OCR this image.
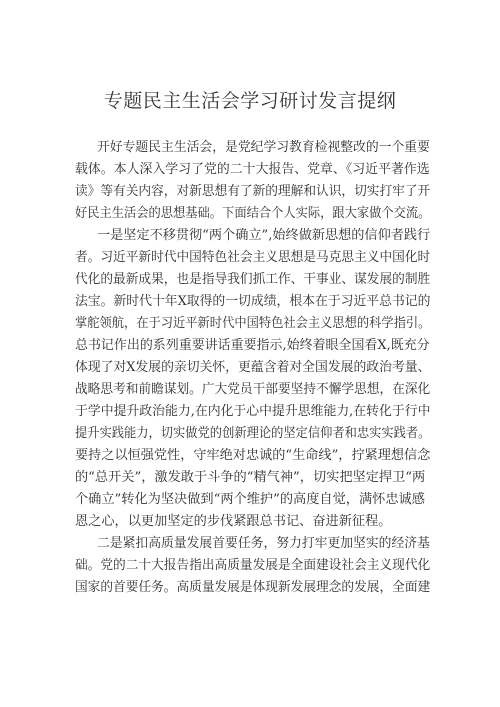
专题民主生活会学习研讨发言提纲
开好专题民主生活会，是党纪学习教育检视整改的一个重要
载体。本人深入学习了党的二十大报告、党章、《习近平著作选
读》等有关内容，对新思想有了新的理解和认识，切实打牢了开
好民主生活会的思想基础。下面结合个人实际，跟大家做个交流。
一是坚定不移贯彻“两个确立”,始终做新思想的信仰者践行
者。习近平新时代中国特色社会主义思想是马克思主义中国化时
代化的最新成果，也是指导我们抓工作、干事业、谋发展的制胜
法宝。新时代十年X取得的一切成绩，根本在于习近平总书记的
掌舵领航，在于习近平新时代中国特色社会主义思想的科学指引。
总书记作出的系列重要讲话重要指示,始终着眼全国看X,既充分
体现了对X发展的亲切关怀，更蕴含着对全国发展的政治考量、
战略思考和前瞻谋划。广大党员干部要坚持不懈学思想，在深化
于学中提升政治能力,在内化于心中提升思维能力,在转化于行中
提升实践能力，切实做党的创新理论的坚定信仰者和忠实实践者。
要持之以恒强党性，守牢绝对忠诚的“生命线”，拧紧理想信念
的“总开关”，激发敢于斗争的“精气神”，切实把坚定捍卫“两
个确立”转化为坚决做到“两个维护”的高度自觉，满怀忠诚感
恩之心，以更加坚定的步伐紧跟总书记、奋进新征程。
二是紧扣高质量发展首要任务，努力打牢更加坚实的经济基
础。党的二十大报告指出高质量发展是全面建设社会主义现代化
国家的首要任务。高质量发展是体现新发展理念的发展，全面建
